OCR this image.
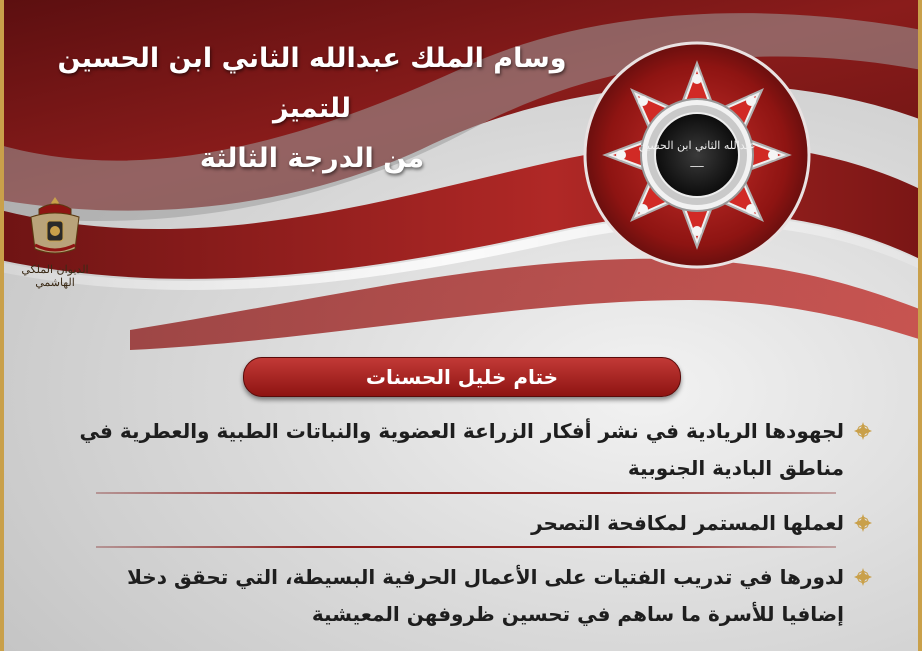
وسام الملك عبدالله الثاني ابن الحسين للتميز
من الدرجة الثالثة
الديوان الملكي الهاشمي
عبدالله الثاني ابن الحسين
ـــــ
ختام خليل الحسنات
لجهودها الريادية في نشر أفكار الزراعة العضوية والنباتات الطبية والعطرية في
مناطق البادية الجنوبية
لعملها المستمر لمكافحة التصحر
لدورها في تدريب الفتيات على الأعمال الحرفية البسيطة، التي تحقق دخلا
إضافيا للأسرة ما ساهم في تحسين ظروفهن المعيشية
